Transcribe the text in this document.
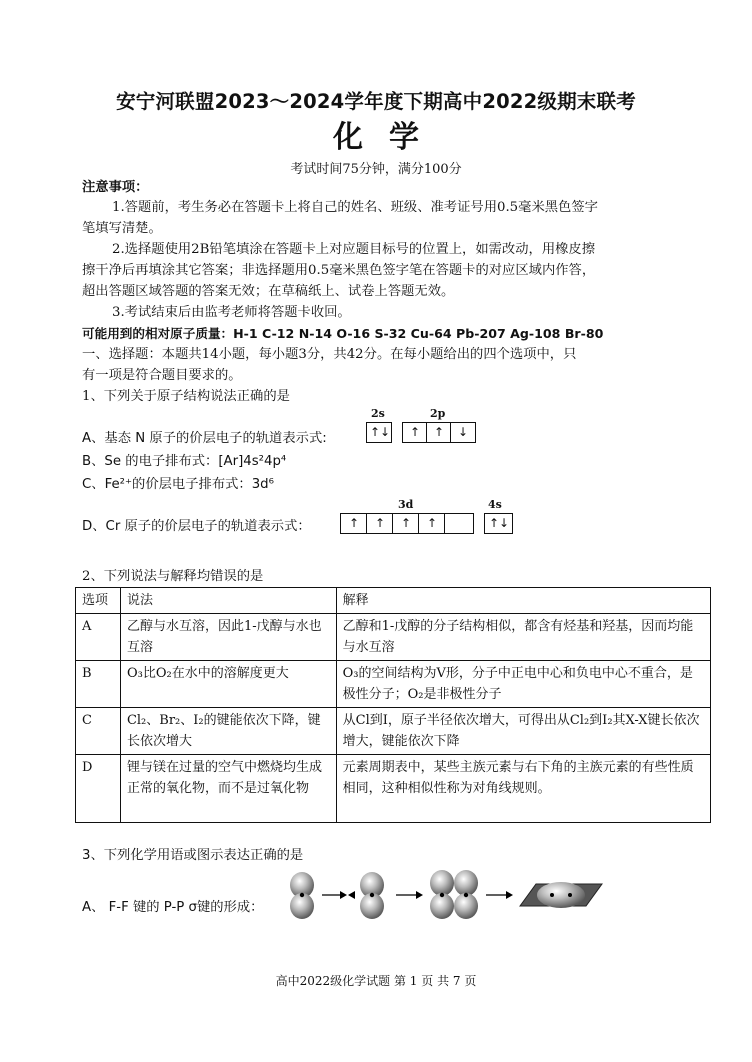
安宁河联盟2023～2024学年度下期高中2022级期末联考
化学
考试时间75分钟，满分100分
注意事项：
1.答题前，考生务必在答题卡上将自己的姓名、班级、准考证号用0.5毫米黑色签字
笔填写清楚。
2.选择题使用2B铅笔填涂在答题卡上对应题目标号的位置上，如需改动，用橡皮擦
擦干净后再填涂其它答案；非选择题用0.5毫米黑色签字笔在答题卡的对应区域内作答，
超出答题区域答题的答案无效；在草稿纸上、试卷上答题无效。
3.考试结束后由监考老师将答题卡收回。
可能用到的相对原子质量：H-1 C-12 N-14 O-16 S-32 Cu-64 Pb-207 Ag-108 Br-80
一、选择题：本题共14小题，每小题3分，共42分。在每小题给出的四个选项中，只
有一项是符合题目要求的。
1、下列关于原子结构说法正确的是
A、基态 N 原子的价层电子的轨道表示式:
2s	2p
↑↓ ↑ ↑ ↓
B、Se 的电子排布式：[Ar]4s²4p⁴
C、Fe²⁺的价层电子排布式：3d⁶
D、Cr 原子的价层电子的轨道表示式：
3d	4s
↑ ↑ ↑ ↑	↑↓
2、下列说法与解释均错误的是
选项	说法	解释
A	乙醇与水互溶，因此1-戊醇与水也互溶	乙醇和1-戊醇的分子结构相似，都含有烃基和羟基，因而均能与水互溶
B	O₃比O₂在水中的溶解度更大	O₃的空间结构为V形，分子中正电中心和负电中心不重合，是极性分子；O₂是非极性分子
C	Cl₂、Br₂、I₂的键能依次下降，键长依次增大	从Cl到I，原子半径依次增大，可得出从Cl₂到I₂其X-X键长依次增大，键能依次下降
D	锂与镁在过量的空气中燃烧均生成正常的氧化物，而不是过氧化物	元素周期表中，某些主族元素与右下角的主族元素的有些性质相同，这种相似性称为对角线规则。
3、下列化学用语或图示表达正确的是
A、 F-F 键的 P-P σ键的形成：
高中2022级化学试题 第 1 页 共 7 页
